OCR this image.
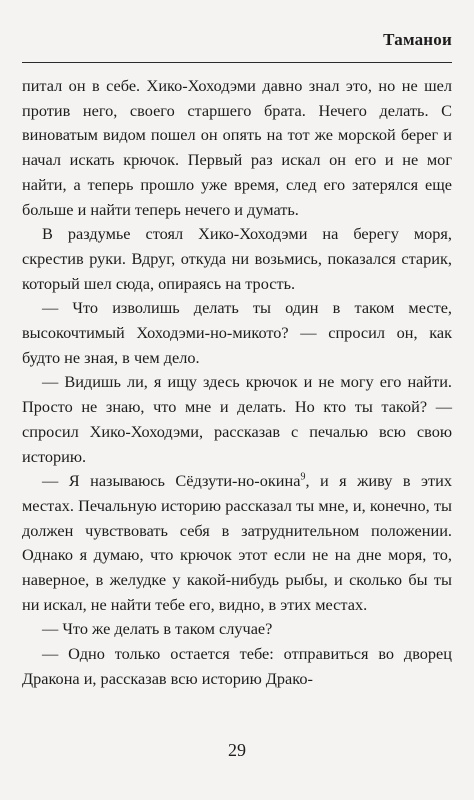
Таманои

питал он в себе. Хико-Хоходэми давно знал это, но не шел против него, своего старшего брата. Нечего делать. С виноватым видом пошел он опять на тот же морской берег и начал искать крючок. Первый раз искал он его и не мог найти, а теперь прошло уже время, след его затерялся еще больше и найти теперь нечего и думать.

В раздумье стоял Хико-Хоходэми на берегу моря, скрестив руки. Вдруг, откуда ни возьмись, показался старик, который шел сюда, опираясь на трость.

— Что изволишь делать ты один в таком месте, высокочтимый Хоходэми-но-микото? — спросил он, как будто не зная, в чем дело.

— Видишь ли, я ищу здесь крючок и не могу его найти. Просто не знаю, что мне и делать. Но кто ты такой? — спросил Хико-Хоходэми, рассказав с печалью всю свою историю.

— Я называюсь Сёдзути-но-окина$^9$, и я живу в этих местах. Печальную историю рассказал ты мне, и, конечно, ты должен чувствовать себя в затруднительном положении. Однако я думаю, что крючок этот если не на дне моря, то, наверное, в желудке у какой-нибудь рыбы, и сколько бы ты ни искал, не найти тебе его, видно, в этих местах.

— Что же делать в таком случае?

— Одно только остается тебе: отправиться во дворец Дракона и, рассказав всю историю Драко-

29
